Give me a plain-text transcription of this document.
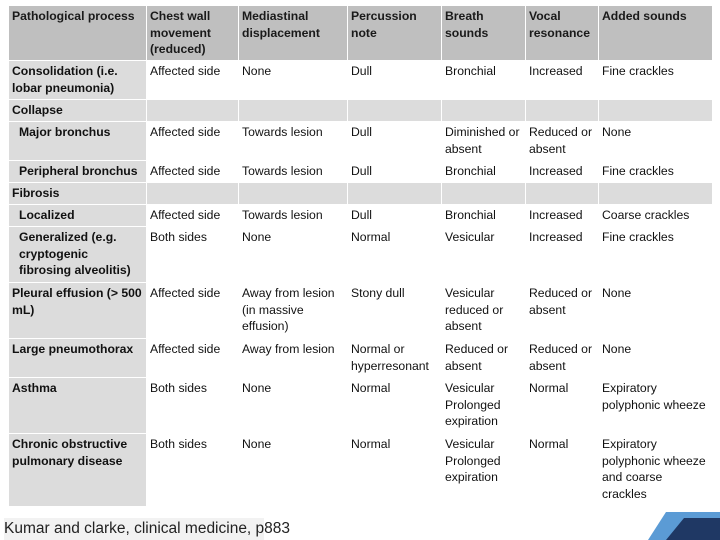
Pathological process	Chest wall movement (reduced)	Mediastinal displacement	Percussion note	Breath sounds	Vocal resonance	Added sounds
Consolidation (i.e. lobar pneumonia)	Affected side	None	Dull	Bronchial	Increased	Fine crackles
Collapse						
Major bronchus	Affected side	Towards lesion	Dull	Diminished or absent	Reduced or absent	None
Peripheral bronchus	Affected side	Towards lesion	Dull	Bronchial	Increased	Fine crackles
Fibrosis						
Localized	Affected side	Towards lesion	Dull	Bronchial	Increased	Coarse crackles
Generalized (e.g. cryptogenic fibrosing alveolitis)	Both sides	None	Normal	Vesicular	Increased	Fine crackles
Pleural effusion (> 500 mL)	Affected side	Away from lesion (in massive effusion)	Stony dull	Vesicular reduced or absent	Reduced or absent	None
Large pneumothorax	Affected side	Away from lesion	Normal or hyperresonant	Reduced or absent	Reduced or absent	None
Asthma	Both sides	None	Normal	Vesicular Prolonged expiration	Normal	Expiratory polyphonic wheeze
Chronic obstructive pulmonary disease	Both sides	None	Normal	Vesicular Prolonged expiration	Normal	Expiratory polyphonic wheeze and coarse crackles
Kumar and clarke, clinical medicine, p883
